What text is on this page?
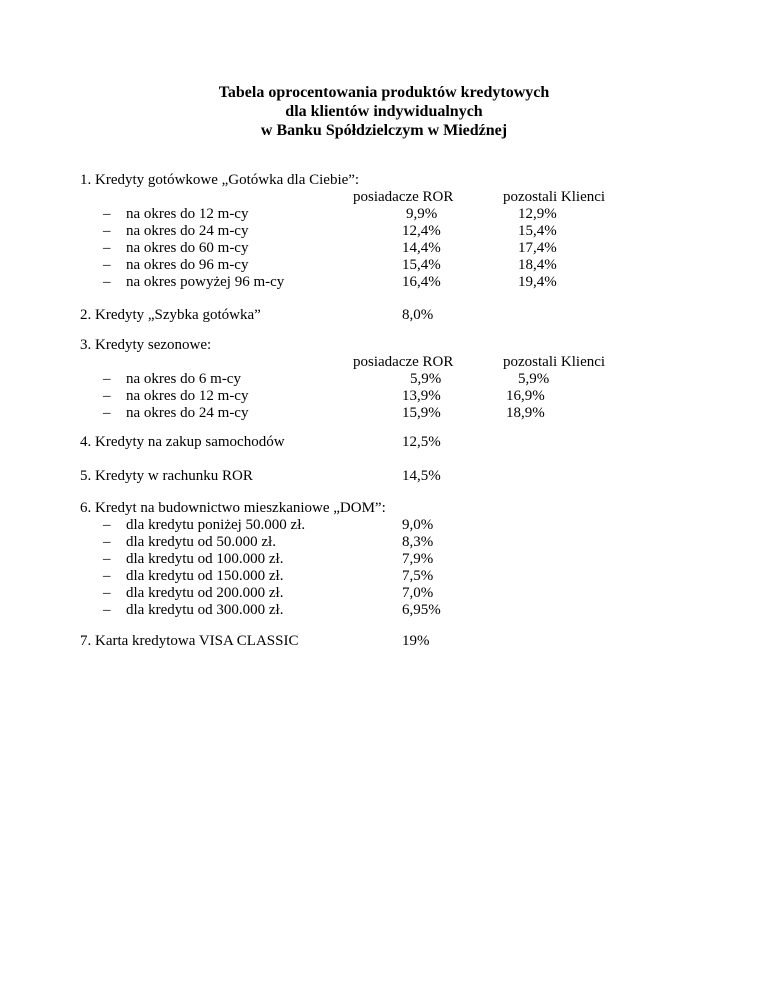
Tabela oprocentowania produktów kredytowych
dla klientów indywidualnych
w Banku Spółdzielczym w Miedźnej
1. Kredyty gotówkowe „Gotówka dla Ciebie”:
posiadacze ROR	pozostali Klienci
– na okres do 12 m-cy	9,9%	12,9%
– na okres do 24 m-cy	12,4%	15,4%
– na okres do 60 m-cy	14,4%	17,4%
– na okres do 96 m-cy	15,4%	18,4%
– na okres powyżej 96 m-cy	16,4%	19,4%
2. Kredyty „Szybka gotówka”	8,0%
3. Kredyty sezonowe:
posiadacze ROR	pozostali Klienci
– na okres do 6 m-cy	5,9%	5,9%
– na okres do 12 m-cy	13,9%	16,9%
– na okres do 24 m-cy	15,9%	18,9%
4. Kredyty na zakup samochodów	12,5%
5. Kredyty w rachunku ROR	14,5%
6. Kredyt na budownictwo mieszkaniowe „DOM”:
– dla kredytu poniżej 50.000 zł.	9,0%
– dla kredytu od 50.000 zł.	8,3%
– dla kredytu od 100.000 zł.	7,9%
– dla kredytu od 150.000 zł.	7,5%
– dla kredytu od 200.000 zł.	7,0%
– dla kredytu od 300.000 zł.	6,95%
7. Karta kredytowa VISA CLASSIC	19%
